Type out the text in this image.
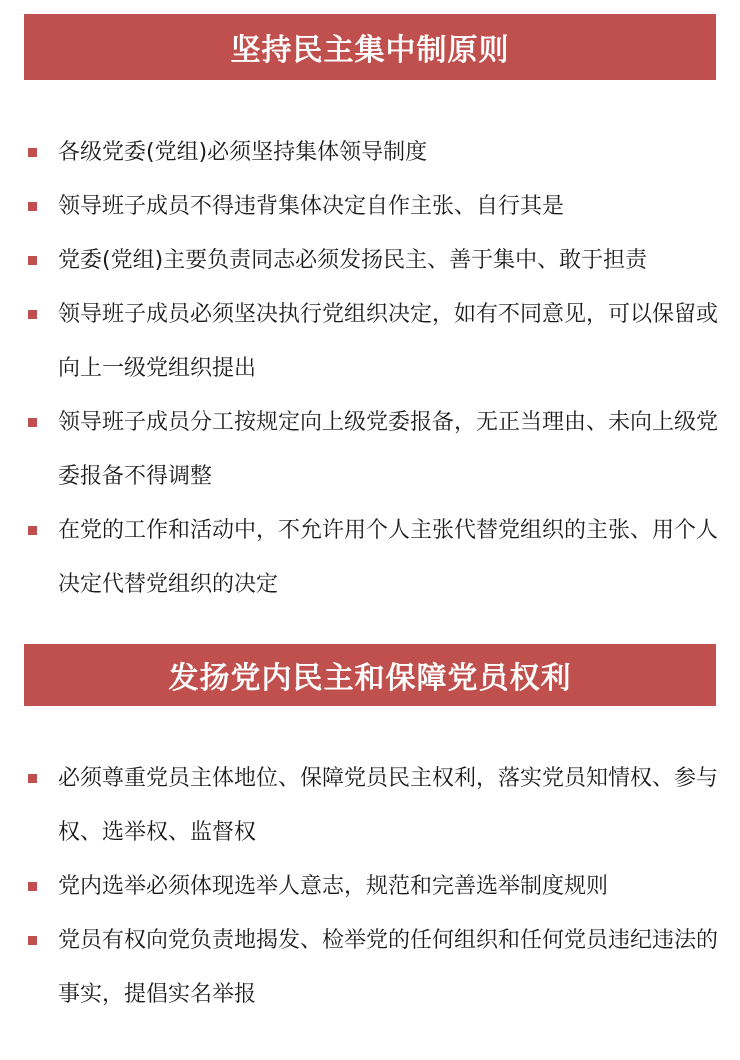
坚持民主集中制原则
各级党委(党组)必须坚持集体领导制度
领导班子成员不得违背集体决定自作主张、自行其是
党委(党组)主要负责同志必须发扬民主、善于集中、敢于担责
领导班子成员必须坚决执行党组织决定，如有不同意见，可以保留或向上一级党组织提出
领导班子成员分工按规定向上级党委报备，无正当理由、未向上级党委报备不得调整
在党的工作和活动中，不允许用个人主张代替党组织的主张、用个人决定代替党组织的决定
发扬党内民主和保障党员权利
必须尊重党员主体地位、保障党员民主权利，落实党员知情权、参与权、选举权、监督权
党内选举必须体现选举人意志，规范和完善选举制度规则
党员有权向党负责地揭发、检举党的任何组织和任何党员违纪违法的事实，提倡实名举报
